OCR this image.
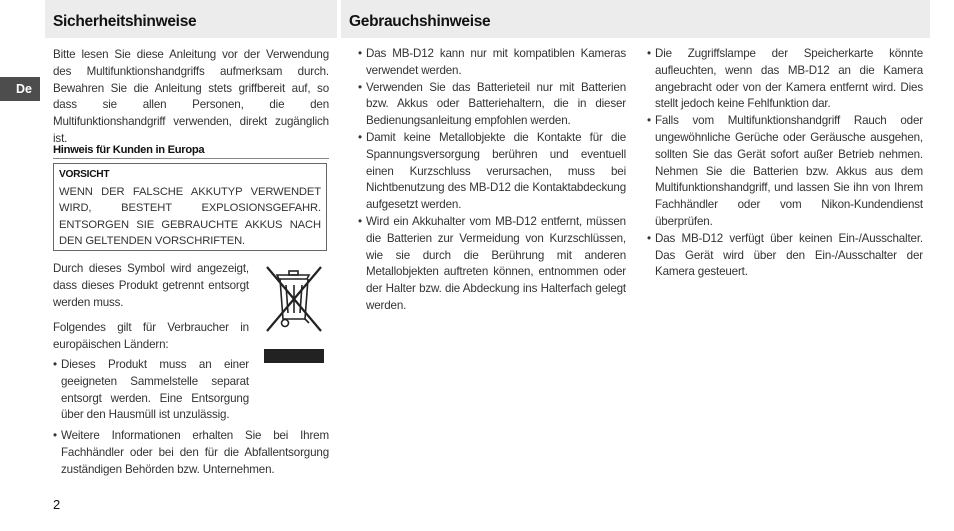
De
Sicherheitshinweise	Gebrauchshinweise

Bitte lesen Sie diese Anleitung vor der Verwendung des Multifunktionshandgriffs aufmerksam durch. Bewahren Sie die Anleitung stets griffbereit auf, so dass sie allen Personen, die den Multifunktionshandgriff verwenden, direkt zugänglich ist.

Hinweis für Kunden in Europa
VORSICHT
WENN DER FALSCHE AKKUTYP VERWENDET WIRD, BESTEHT EXPLOSIONSGEFAHR. ENTSORGEN SIE GEBRAUCHTE AKKUS NACH DEN GELTENDEN VORSCHRIFTEN.

Durch dieses Symbol wird angezeigt, dass dieses Produkt getrennt entsorgt werden muss.

Folgendes gilt für Verbraucher in europäischen Ländern:

• Dieses Produkt muss an einer geeigneten Sammelstelle separat entsorgt werden. Eine Entsorgung über den Hausmüll ist unzulässig.
• Weitere Informationen erhalten Sie bei Ihrem Fachhändler oder bei den für die Abfallentsorgung zuständigen Behörden bzw. Unternehmen.
• Das MB-D12 kann nur mit kompatiblen Kameras verwendet werden.
• Verwenden Sie das Batterieteil nur mit Batterien bzw. Akkus oder Batteriehaltern, die in dieser Bedienungsanleitung empfohlen werden.
• Damit keine Metallobjekte die Kontakte für die Spannungsversorgung berühren und eventuell einen Kurzschluss verursachen, muss bei Nichtbenutzung des MB-D12 die Kontaktabdeckung aufgesetzt werden.
• Wird ein Akkuhalter vom MB-D12 entfernt, müssen die Batterien zur Vermeidung von Kurzschlüssen, wie sie durch die Berührung mit anderen Metallobjekten auftreten können, entnommen oder der Halter bzw. die Abdeckung ins Halterfach gelegt werden.
• Die Zugriffslampe der Speicherkarte könnte aufleuchten, wenn das MB-D12 an die Kamera angebracht oder von der Kamera entfernt wird. Dies stellt jedoch keine Fehlfunktion dar.
• Falls vom Multifunktionshandgriff Rauch oder ungewöhnliche Gerüche oder Geräusche ausgehen, sollten Sie das Gerät sofort außer Betrieb nehmen. Nehmen Sie die Batterien bzw. Akkus aus dem Multifunktionshandgriff, und lassen Sie ihn von Ihrem Fachhändler oder vom Nikon-Kundendienst überprüfen.
• Das MB-D12 verfügt über keinen Ein-/Ausschalter. Das Gerät wird über den Ein-/Ausschalter der Kamera gesteuert.
2
